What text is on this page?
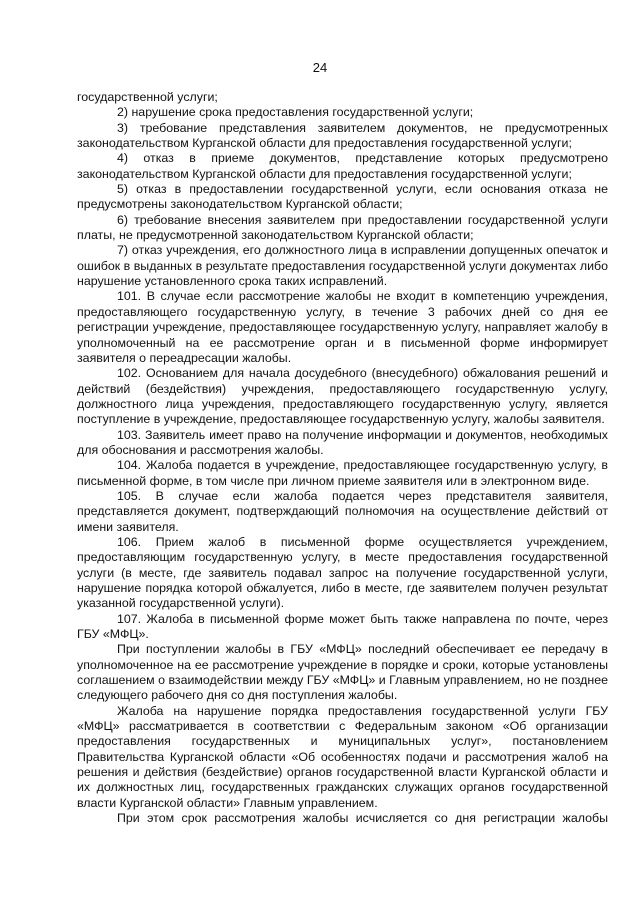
24

государственной услуги;

2) нарушение срока предоставления государственной услуги;

3) требование представления заявителем документов, не предусмотренных законодательством Курганской области для предоставления государственной услуги;

4) отказ в приеме документов, представление которых предусмотрено законодательством Курганской области для предоставления государственной услуги;

5) отказ в предоставлении государственной услуги, если основания отказа не предусмотрены законодательством Курганской области;

6) требование внесения заявителем при предоставлении государственной услуги платы, не предусмотренной законодательством Курганской области;

7) отказ учреждения, его должностного лица в исправлении допущенных опечаток и ошибок в выданных в результате предоставления государственной услуги документах либо нарушение установленного срока таких исправлений.

101. В случае если рассмотрение жалобы не входит в компетенцию учреждения, предоставляющего государственную услугу, в течение 3 рабочих дней со дня ее регистрации учреждение, предоставляющее государственную услугу, направляет жалобу в уполномоченный на ее рассмотрение орган и в письменной форме информирует заявителя о переадресации жалобы.

102. Основанием для начала досудебного (внесудебного) обжалования решений и действий (бездействия) учреждения, предоставляющего государственную услугу, должностного лица учреждения, предоставляющего государственную услугу, является поступление в учреждение, предоставляющее государственную услугу, жалобы заявителя.

103. Заявитель имеет право на получение информации и документов, необходимых для обоснования и рассмотрения жалобы.

104. Жалоба подается в учреждение, предоставляющее государственную услугу, в письменной форме, в том числе при личном приеме заявителя или в электронном виде.

105. В случае если жалоба подается через представителя заявителя, представляется документ, подтверждающий полномочия на осуществление действий от имени заявителя.

106. Прием жалоб в письменной форме осуществляется учреждением, предоставляющим государственную услугу, в месте предоставления государственной услуги (в месте, где заявитель подавал запрос на получение государственной услуги, нарушение порядка которой обжалуется, либо в месте, где заявителем получен результат указанной государственной услуги).

107. Жалоба в письменной форме может быть также направлена по почте, через ГБУ «МФЦ».

При поступлении жалобы в ГБУ «МФЦ» последний обеспечивает ее передачу в уполномоченное на ее рассмотрение учреждение в порядке и сроки, которые установлены соглашением о взаимодействии между ГБУ «МФЦ» и Главным управлением, но не позднее следующего рабочего дня со дня поступления жалобы.

Жалоба на нарушение порядка предоставления государственной услуги ГБУ «МФЦ» рассматривается в соответствии с Федеральным законом «Об организации предоставления государственных и муниципальных услуг», постановлением Правительства Курганской области «Об особенностях подачи и рассмотрения жалоб на решения и действия (бездействие) органов государственной власти Курганской области и их должностных лиц, государственных гражданских служащих органов государственной власти Курганской области» Главным управлением.

При этом срок рассмотрения жалобы исчисляется со дня регистрации жалобы
